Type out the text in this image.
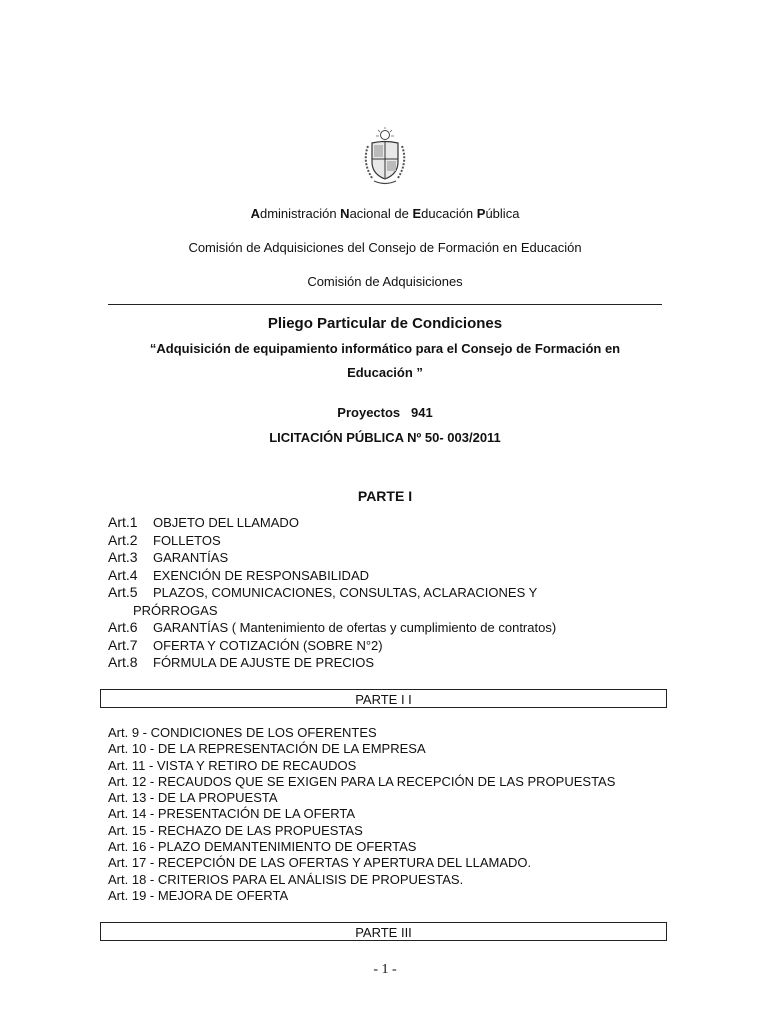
Administración Nacional de Educación Pública
Comisión de Adquisiciones del Consejo de Formación en Educación
Comisión de Adquisiciones
Pliego Particular de Condiciones
“Adquisición de equipamiento informático para el Consejo de Formación en
Educación ”
Proyectos   941
LICITACIÓN PÚBLICA Nº 50- 003/2011
PARTE I
Art.1 OBJETO DEL LLAMADO
Art.2 FOLLETOS
Art.3 GARANTÍAS
Art.4 EXENCIÓN DE RESPONSABILIDAD
Art.5 PLAZOS, COMUNICACIONES, CONSULTAS, ACLARACIONES Y
PRÓRROGAS
Art.6 GARANTÍAS ( Mantenimiento de ofertas y cumplimiento de contratos)
Art.7 OFERTA Y COTIZACIÓN (SOBRE N°2)
Art.8 FÓRMULA DE AJUSTE DE PRECIOS
PARTE I I
Art. 9 - CONDICIONES DE LOS OFERENTES
Art. 10 - DE LA REPRESENTACIÓN DE LA EMPRESA
Art. 11 - VISTA Y RETIRO DE RECAUDOS
Art. 12 - RECAUDOS QUE SE EXIGEN PARA LA RECEPCIÓN DE LAS PROPUESTAS
Art. 13 - DE LA PROPUESTA
Art. 14 - PRESENTACIÓN DE LA OFERTA
Art. 15 - RECHAZO DE LAS PROPUESTAS
Art. 16 - PLAZO DEMANTENIMIENTO DE OFERTAS
Art. 17 - RECEPCIÓN DE LAS OFERTAS Y APERTURA DEL LLAMADO.
Art. 18 - CRITERIOS PARA EL ANÁLISIS DE PROPUESTAS.
Art. 19 - MEJORA DE OFERTA
PARTE III
- 1 -
